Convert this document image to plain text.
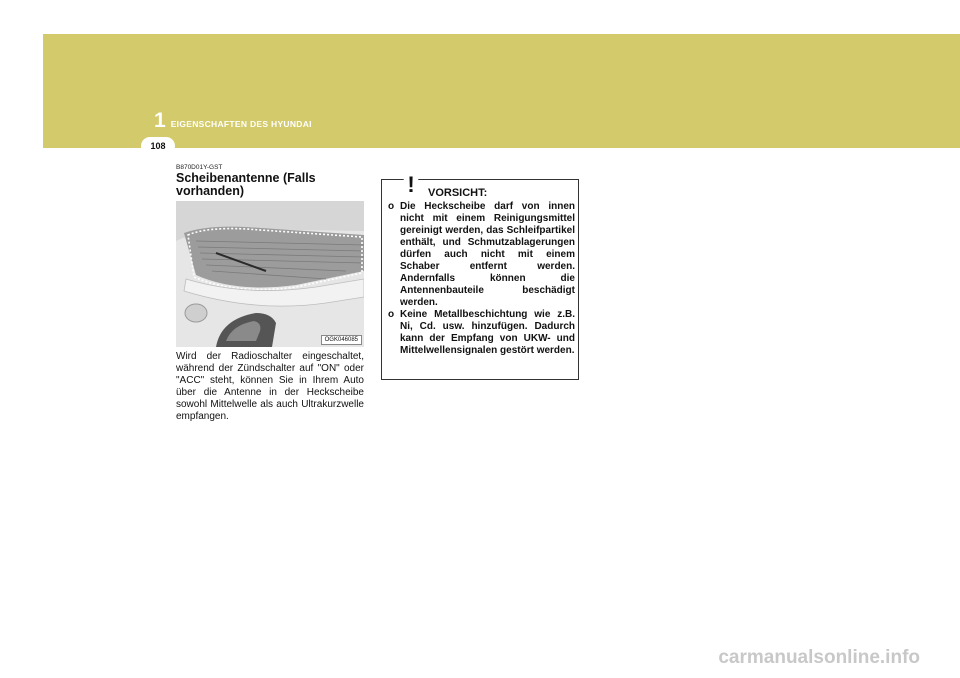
1 EIGENSCHAFTEN DES HYUNDAI
108
B870D01Y-GST
Scheibenantenne (Falls vorhanden)
OGK046085
Wird der Radioschalter eingeschaltet, während der Zündschalter auf "ON" oder "ACC" steht, können Sie in Ihrem Auto über die Antenne in der Heckscheibe sowohl Mittelwelle als auch Ultrakurzwelle empfangen.
! VORSICHT:
o Die Heckscheibe darf von innen nicht mit einem Reinigungsmittel gereinigt werden, das Schleifpartikel enthält, und Schmutzablagerungen dürfen auch nicht mit einem Schaber entfernt werden. Andernfalls können die Antennenbauteile beschädigt werden.
o Keine Metallbeschichtung wie z.B. Ni, Cd. usw. hinzufügen. Dadurch kann der Empfang von UKW- und Mittelwellensignalen gestört werden.
carmanualsonline.info
